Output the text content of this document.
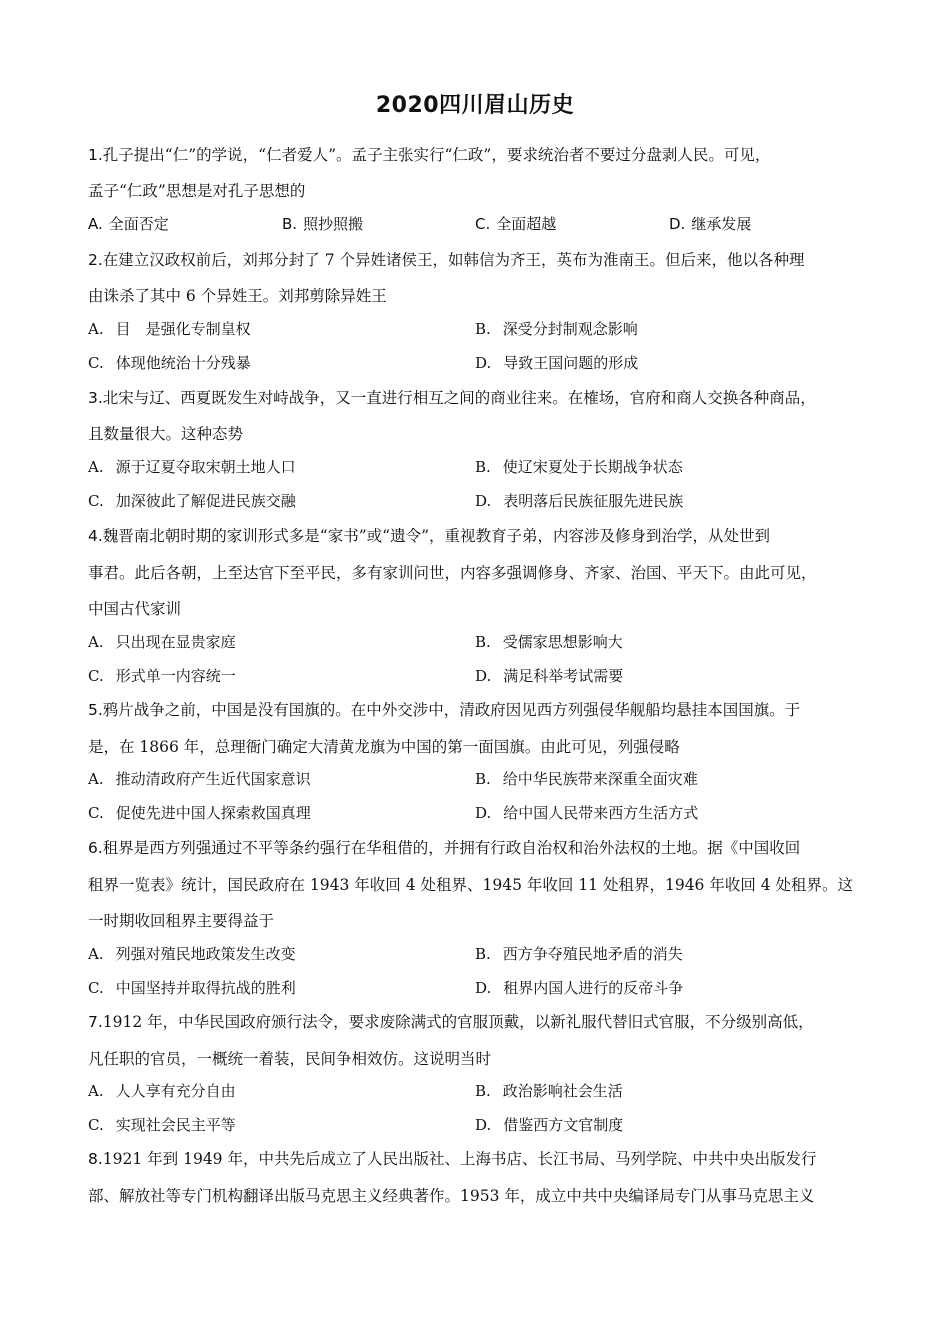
2020四川眉山历史
1.孔子提出“仁”的学说，“仁者爱人”。孟子主张实行“仁政”，要求统治者不要过分盘剥人民。可见，
孟子“仁政”思想是对孔子思想的
A. 全面否定	B. 照抄照搬	C. 全面超越	D. 继承发展
2.在建立汉政权前后，刘邦分封了 7 个异姓诸侯王，如韩信为齐王，英布为淮南王。但后来，他以各种理
由诛杀了其中 6 个异姓王。刘邦剪除异姓王
A. 目　是强化专制皇权	B. 深受分封制观念影响
C. 体现他统治十分残暴	D. 导致王国问题的形成
3.北宋与辽、西夏既发生对峙战争，又一直进行相互之间的商业往来。在榷场，官府和商人交换各种商品，
且数量很大。这种态势
A. 源于辽夏夺取宋朝土地人口	B. 使辽宋夏处于长期战争状态
C. 加深彼此了解促进民族交融	D. 表明落后民族征服先进民族
4.魏晋南北朝时期的家训形式多是“家书”或“遗令”，重视教育子弟，内容涉及修身到治学，从处世到
事君。此后各朝，上至达官下至平民，多有家训问世，内容多强调修身、齐家、治国、平天下。由此可见，
中国古代家训
A. 只出现在显贵家庭	B. 受儒家思想影响大
C. 形式单一内容统一	D. 满足科举考试需要
5.鸦片战争之前，中国是没有国旗的。在中外交涉中，清政府因见西方列强侵华舰船均悬挂本国国旗。于
是，在 1866 年，总理衙门确定大清黄龙旗为中国的第一面国旗。由此可见，列强侵略
A. 推动清政府产生近代国家意识	B. 给中华民族带来深重全面灾难
C. 促使先进中国人探索救国真理	D. 给中国人民带来西方生活方式
6.租界是西方列强通过不平等条约强行在华租借的，并拥有行政自治权和治外法权的土地。据《中国收回
租界一览表》统计，国民政府在 1943 年收回 4 处租界、1945 年收回 11 处租界，1946 年收回 4 处租界。这
一时期收回租界主要得益于
A. 列强对殖民地政策发生改变	B. 西方争夺殖民地矛盾的消失
C. 中国坚持并取得抗战的胜利	D. 租界内国人进行的反帝斗争
7.1912 年，中华民国政府颁行法令，要求废除满式的官服顶戴，以新礼服代替旧式官服，不分级别高低，
凡任职的官员，一概统一着装，民间争相效仿。这说明当时
A. 人人享有充分自由	B. 政治影响社会生活
C. 实现社会民主平等	D. 借鉴西方文官制度
8.1921 年到 1949 年，中共先后成立了人民出版社、上海书店、长江书局、马列学院、中共中央出版发行
部、解放社等专门机构翻译出版马克思主义经典著作。1953 年，成立中共中央编译局专门从事马克思主义
